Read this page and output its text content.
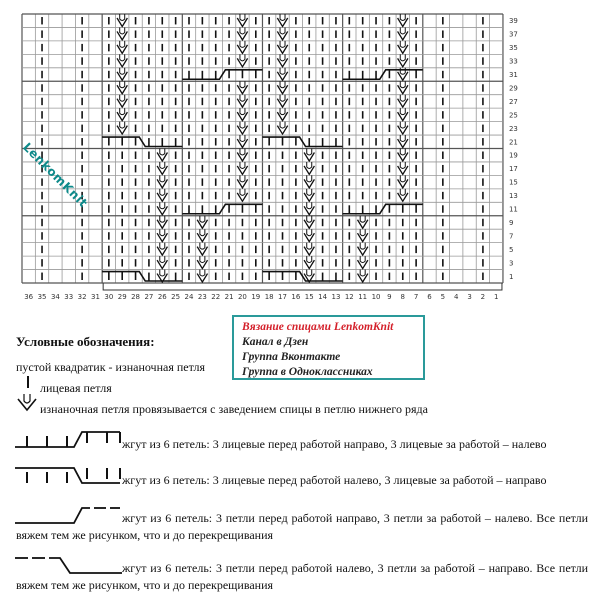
39
37
35
33
31
29
27
25
23
21
19
17
15
13
11
9
7
5
3
1
36 35 34 33 32 31 30 29 28 27 26 25 24 23 22 21 20 19 18 17 16 15 14 13 12 11 10 9 8 7 6 5 4 3 2 1
LenkomKnit
Условные обозначения:
пустой квадратик - изнаночная петля
лицевая петля
изнаночная петля провязывается с заведением спицы в петлю нижнего ряда
Вязание спицами LenkomKnit
Канал в Дзен
Группа Вконтакте
Группа в Одноклассниках
жгут из 6 петель: 3 лицевые перед работой направо, 3 лицевые за работой – налево
жгут из 6 петель: 3 лицевые перед работой налево, 3 лицевые за работой – направо
жгут из 6 петель: 3 петли перед работой направо, 3 петли за работой – налево. Все петли вяжем тем же рисунком, что и до перекрещивания
жгут из 6 петель: 3 петли перед работой налево, 3 петли за работой – направо. Все петли вяжем тем же рисунком, что и до перекрещивания
